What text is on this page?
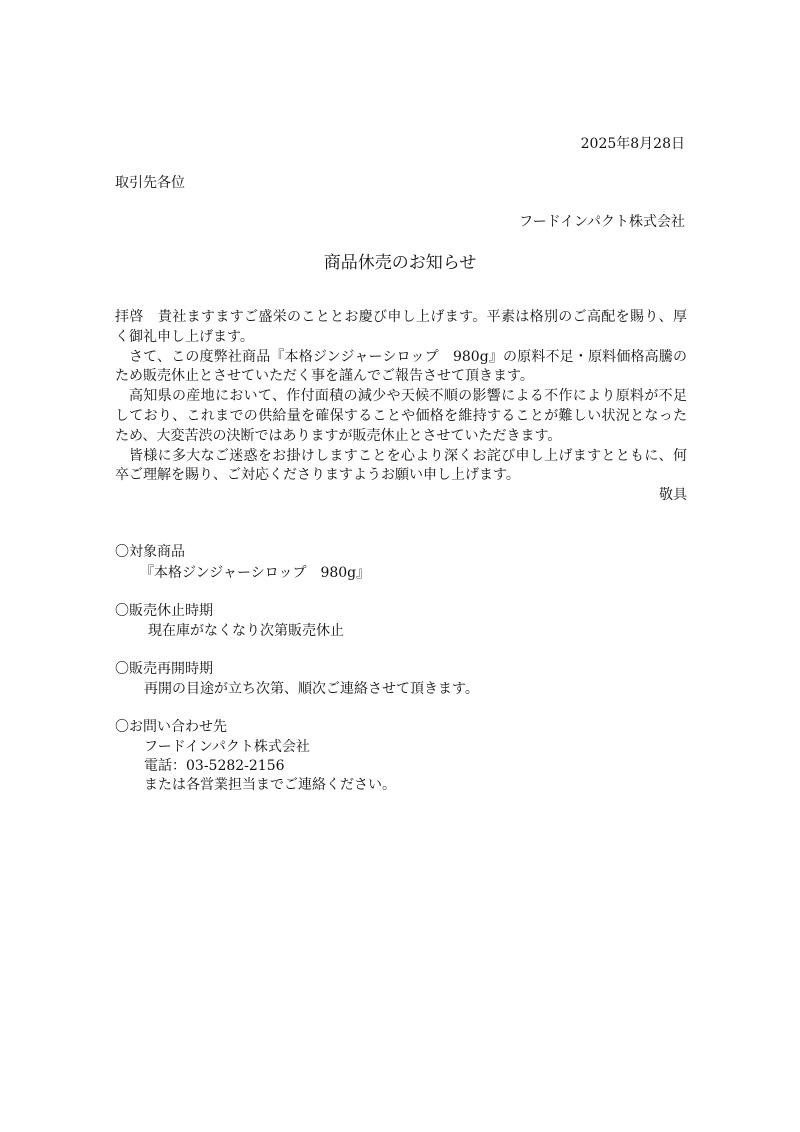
2025年8月28日
取引先各位
フードインパクト株式会社
商品休売のお知らせ

拝啓　貴社ますますご盛栄のこととお慶び申し上げます。平素は格別のご高配を賜り、厚く御礼申し上げます。

さて、この度弊社商品『本格ジンジャーシロップ　980g』の原料不足・原料価格高騰のため販売休止とさせていただく事を謹んでご報告させて頂きます。

高知県の産地において、作付面積の減少や天候不順の影響による不作により原料が不足しており、これまでの供給量を確保することや価格を維持することが難しい状況となったため、大変苦渋の決断ではありますが販売休止とさせていただきます。

皆様に多大なご迷惑をお掛けしますことを心より深くお詫び申し上げますとともに、何卒ご理解を賜り、ご対応くださりますようお願い申し上げます。

敬具

〇対象商品
『本格ジンジャーシロップ　980g』
〇販売休止時期
現在庫がなくなり次第販売休止
〇販売再開時期
再開の目途が立ち次第、順次ご連絡させて頂きます。
〇お問い合わせ先
フードインパクト株式会社
電話：03-5282-2156
または各営業担当までご連絡ください。
